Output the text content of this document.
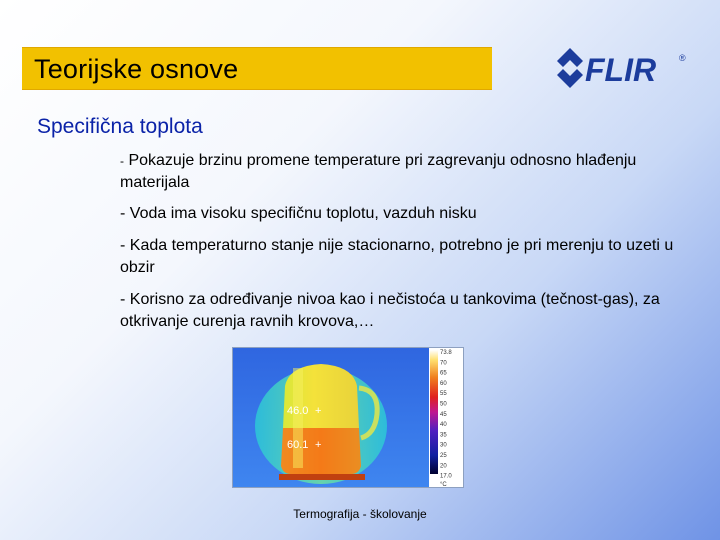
Teorijske osnove	FLIR	®
Specifična toplota
- Pokazuje brzinu promene temperature pri zagrevanju odnosno hlađenju materijala
- Voda ima visoku specifičnu toplotu, vazduh nisku
- Kada temperaturno stanje nije stacionarno, potrebno je pri merenju to uzeti u obzir
- Korisno za određivanje nivoa kao i nečistoća u tankovima (tečnost-gas), za otkrivanje curenja ravnih krovova,…
46.0 +
60.1 +
73.8
70
65
60
55
50
45
40
35
30
25
20
17.0
°C
Termografija - školovanje
